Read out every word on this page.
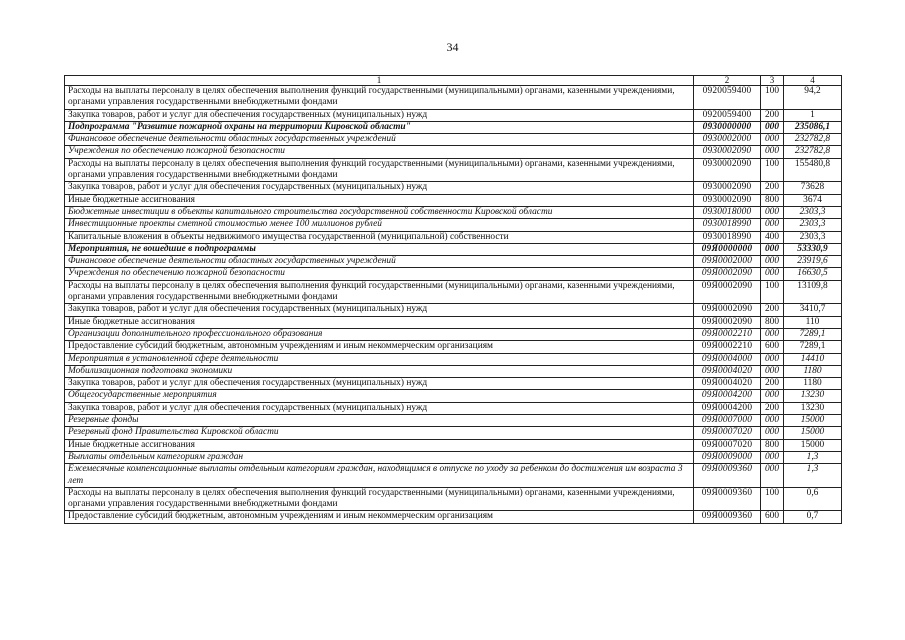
34
1	2	3	4
Расходы на выплаты персоналу в целях обеспечения выполнения функций государственными (муниципальными) органами, казенными учреждениями, органами управления государственными внебюджетными фондами	0920059400	100	94,2
Закупка товаров, работ и услуг для обеспечения государственных (муниципальных) нужд	0920059400	200	1
Подпрограмма "Развитие пожарной охраны на территории Кировской области"	0930000000	000	235086,1
Финансовое обеспечение деятельности областных государственных учреждений	0930002000	000	232782,8
Учреждения по обеспечению пожарной безопасности	0930002090	000	232782,8
Расходы на выплаты персоналу в целях обеспечения выполнения функций государственными (муниципальными) органами, казенными учреждениями, органами управления государственными внебюджетными фондами	0930002090	100	155480,8
Закупка товаров, работ и услуг для обеспечения государственных (муниципальных) нужд	0930002090	200	73628
Иные бюджетные ассигнования	0930002090	800	3674
Бюджетные инвестиции в объекты капитального строительства государственной собственности Кировской области	0930018000	000	2303,3
Инвестиционные проекты сметной стоимостью менее 100 миллионов рублей	0930018990	000	2303,3
Капитальные вложения в объекты недвижимого имущества государственной (муниципальной) собственности	0930018990	400	2303,3
Мероприятия, не вошедшие в подпрограммы	09Я0000000	000	53330,9
Финансовое обеспечение деятельности областных государственных учреждений	09Я0002000	000	23919,6
Учреждения по обеспечению пожарной безопасности	09Я0002090	000	16630,5
Расходы на выплаты персоналу в целях обеспечения выполнения функций государственными (муниципальными) органами, казенными учреждениями, органами управления государственными внебюджетными фондами	09Я0002090	100	13109,8
Закупка товаров, работ и услуг для обеспечения государственных (муниципальных) нужд	09Я0002090	200	3410,7
Иные бюджетные ассигнования	09Я0002090	800	110
Организации дополнительного профессионального образования	09Я0002210	000	7289,1
Предоставление субсидий бюджетным, автономным учреждениям и иным некоммерческим организациям	09Я0002210	600	7289,1
Мероприятия в установленной сфере деятельности	09Я0004000	000	14410
Мобилизационная подготовка экономики	09Я0004020	000	1180
Закупка товаров, работ и услуг для обеспечения государственных (муниципальных) нужд	09Я0004020	200	1180
Общегосударственные мероприятия	09Я0004200	000	13230
Закупка товаров, работ и услуг для обеспечения государственных (муниципальных) нужд	09Я0004200	200	13230
Резервные фонды	09Я0007000	000	15000
Резервный фонд Правительства Кировской области	09Я0007020	000	15000
Иные бюджетные ассигнования	09Я0007020	800	15000
Выплаты отдельным категориям граждан	09Я0009000	000	1,3
Ежемесячные компенсационные выплаты отдельным категориям граждан, находящимся в отпуске по уходу за ребенком до достижения им возраста 3 лет	09Я0009360	000	1,3
Расходы на выплаты персоналу в целях обеспечения выполнения функций государственными (муниципальными) органами, казенными учреждениями, органами управления государственными внебюджетными фондами	09Я0009360	100	0,6
Предоставление субсидий бюджетным, автономным учреждениям и иным некоммерческим организациям	09Я0009360	600	0,7
